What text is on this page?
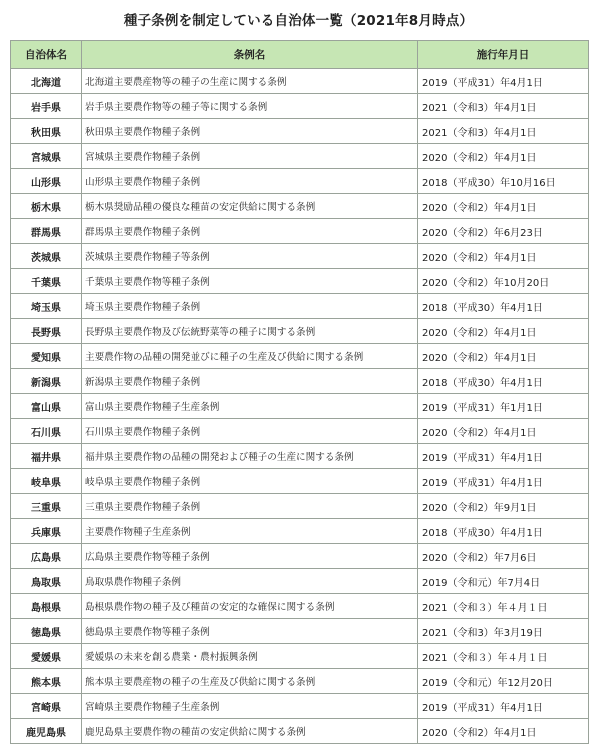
種子条例を制定している自治体一覧（2021年8月時点）
自治体名	条例名	施行年月日
北海道	北海道主要農産物等の種子の生産に関する条例	2019（平成31）年4月1日
岩手県	岩手県主要農作物等の種子等に関する条例	2021（令和3）年4月1日
秋田県	秋田県主要農作物種子条例	2021（令和3）年4月1日
宮城県	宮城県主要農作物種子条例	2020（令和2）年4月1日
山形県	山形県主要農作物種子条例	2018（平成30）年10月16日
栃木県	栃木県奨励品種の優良な種苗の安定供給に関する条例	2020（令和2）年4月1日
群馬県	群馬県主要農作物種子条例	2020（令和2）年6月23日
茨城県	茨城県主要農作物種子等条例	2020（令和2）年4月1日
千葉県	千葉県主要農作物等種子条例	2020（令和2）年10月20日
埼玉県	埼玉県主要農作物種子条例	2018（平成30）年4月1日
長野県	長野県主要農作物及び伝統野菜等の種子に関する条例	2020（令和2）年4月1日
愛知県	主要農作物の品種の開発並びに種子の生産及び供給に関する条例	2020（令和2）年4月1日
新潟県	新潟県主要農作物種子条例	2018（平成30）年4月1日
富山県	富山県主要農作物種子生産条例	2019（平成31）年1月1日
石川県	石川県主要農作物種子条例	2020（令和2）年4月1日
福井県	福井県主要農作物の品種の開発および種子の生産に関する条例	2019（平成31）年4月1日
岐阜県	岐阜県主要農作物種子条例	2019（平成31）年4月1日
三重県	三重県主要農作物種子条例	2020（令和2）年9月1日
兵庫県	主要農作物種子生産条例	2018（平成30）年4月1日
広島県	広島県主要農作物等種子条例	2020（令和2）年7月6日
鳥取県	鳥取県農作物種子条例	2019（令和元）年7月4日
島根県	島根県農作物の種子及び種苗の安定的な確保に関する条例	2021（令和３）年４月１日
徳島県	徳島県主要農作物等種子条例	2021（令和3）年3月19日
愛媛県	愛媛県の未来を創る農業・農村振興条例	2021（令和３）年４月１日
熊本県	熊本県主要農産物の種子の生産及び供給に関する条例	2019（令和元）年12月20日
宮崎県	宮崎県主要農作物種子生産条例	2019（平成31）年4月1日
鹿児島県	鹿児島県主要農作物の種苗の安定供給に関する条例	2020（令和2）年4月1日
